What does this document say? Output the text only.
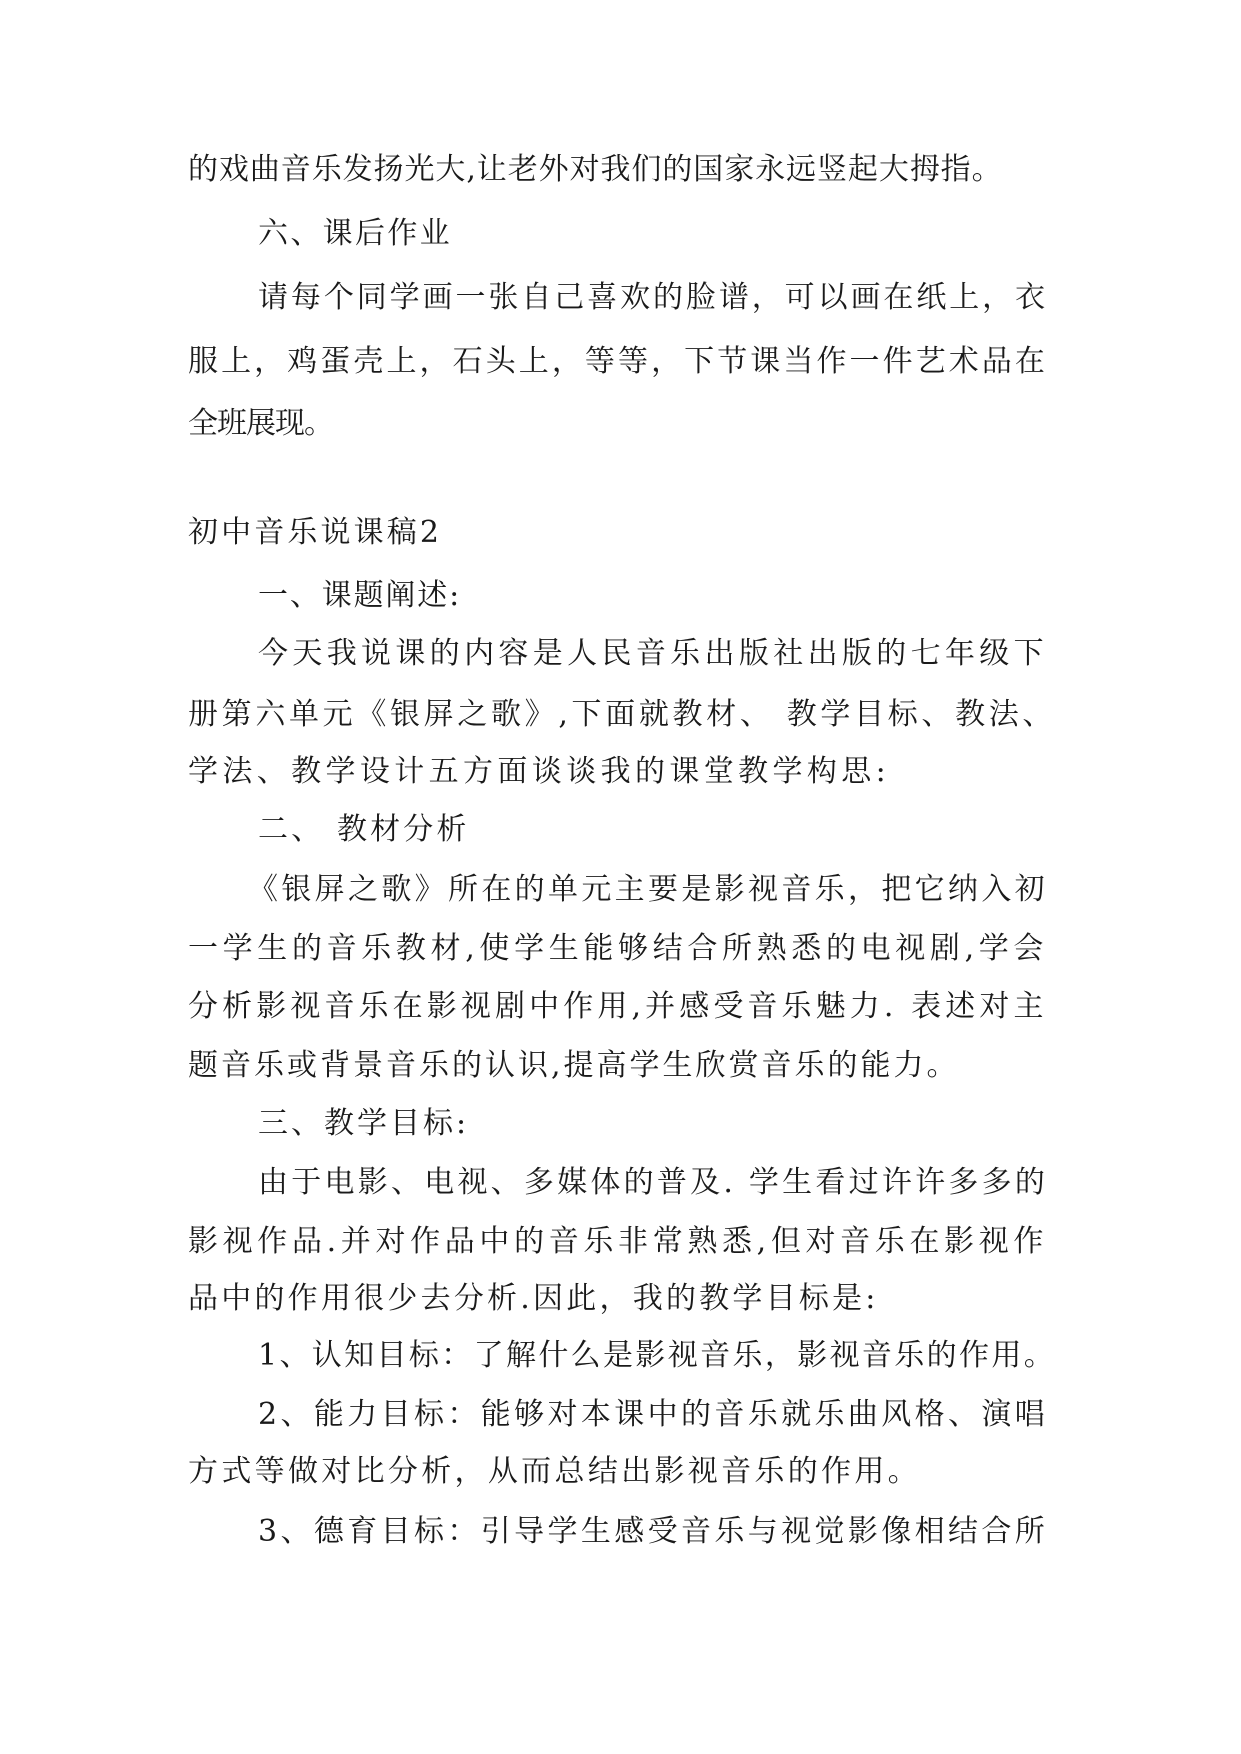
的戏曲音乐发扬光大,让老外对我们的国家永远竖起大拇指。
六、课后作业
请每个同学画一张自己喜欢的脸谱，可以画在纸上，衣
服上，鸡蛋壳上，石头上，等等，下节课当作一件艺术品在
全班展现。
初中音乐说课稿2
一、课题阐述:
今天我说课的内容是人民音乐出版社出版的七年级下
册第六单元《银屏之歌》,下面就教材、 教学目标、教法、
学法、教学设计五方面谈谈我的课堂教学构思:
二、 教材分析
《银屏之歌》所在的单元主要是影视音乐，把它纳入初
一学生的音乐教材,使学生能够结合所熟悉的电视剧,学会
分析影视音乐在影视剧中作用,并感受音乐魅力. 表述对主
题音乐或背景音乐的认识,提高学生欣赏音乐的能力。
三、教学目标:
由于电影、电视、多媒体的普及. 学生看过许许多多的
影视作品.并对作品中的音乐非常熟悉,但对音乐在影视作
品中的作用很少去分析.因此，我的教学目标是:
1、认知目标：了解什么是影视音乐，影视音乐的作用。
2、能力目标：能够对本课中的音乐就乐曲风格、演唱
方式等做对比分析，从而总结出影视音乐的作用。
3、德育目标：引导学生感受音乐与视觉影像相结合所
